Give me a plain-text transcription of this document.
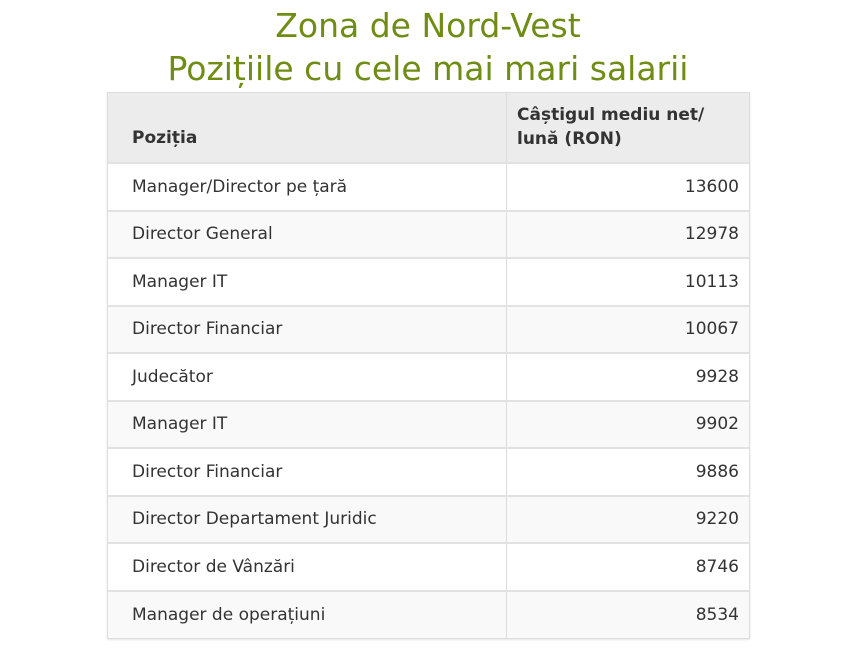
Zona de Nord-Vest
Pozițiile cu cele mai mari salarii
Poziția	Câștigul mediu net/ lună (RON)
Manager/Director pe țară	13600
Director General	12978
Manager IT	10113
Director Financiar	10067
Judecător	9928
Manager IT	9902
Director Financiar	9886
Director Departament Juridic	9220
Director de Vânzări	8746
Manager de operațiuni	8534
